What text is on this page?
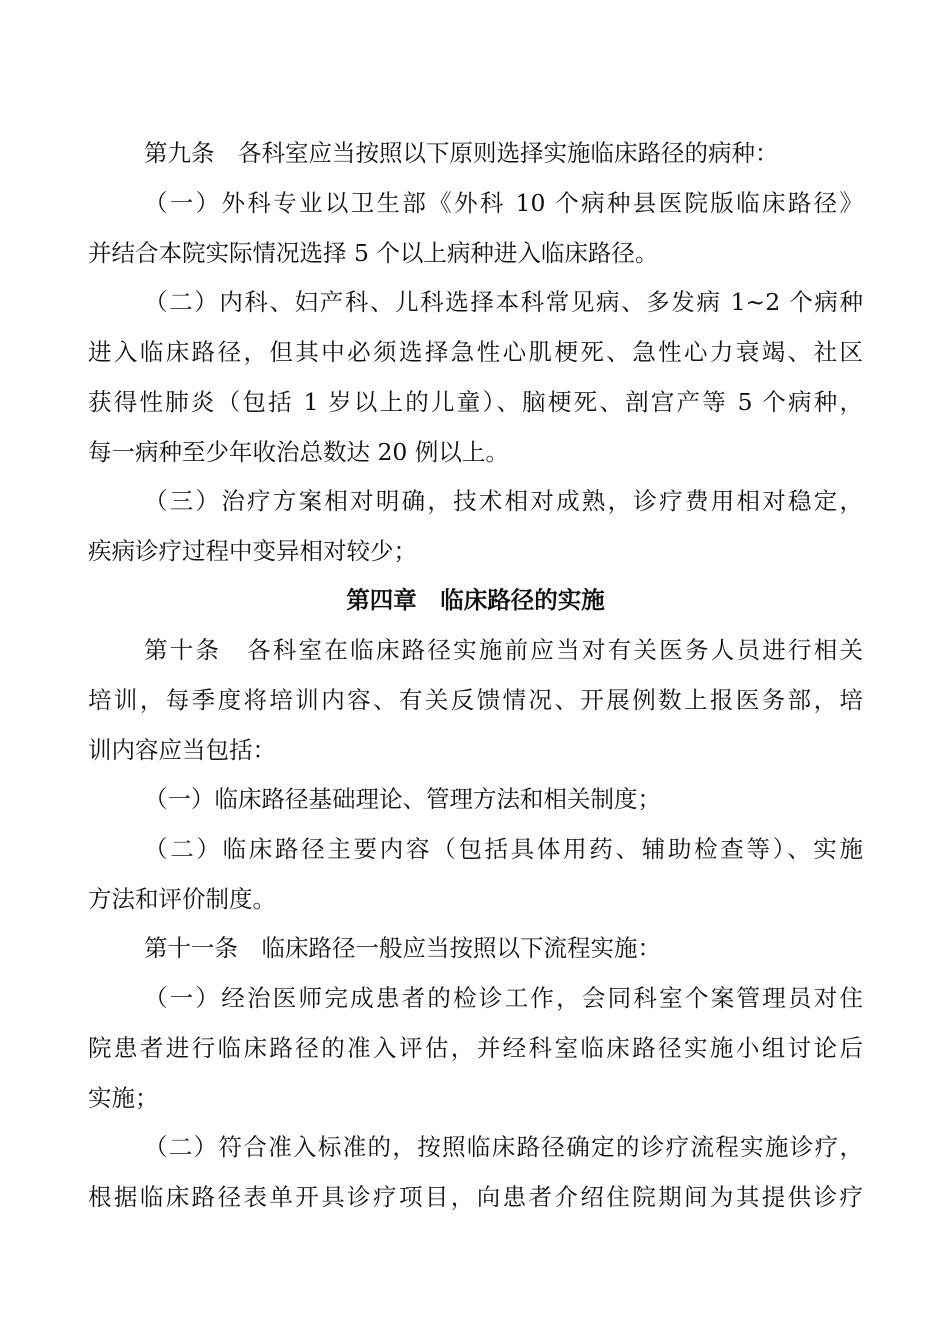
第九条　各科室应当按照以下原则选择实施临床路径的病种：
（一）外科专业以卫生部《外科 10 个病种县医院版临床路径》
并结合本院实际情况选择 5 个以上病种进入临床路径。
（二）内科、妇产科、儿科选择本科常见病、多发病 1~2 个病种
进入临床路径，但其中必须选择急性心肌梗死、急性心力衰竭、社区
获得性肺炎（包括 1 岁以上的儿童）、脑梗死、剖宫产等 5 个病种，
每一病种至少年收治总数达 20 例以上。
（三）治疗方案相对明确，技术相对成熟，诊疗费用相对稳定，
疾病诊疗过程中变异相对较少；
第四章　临床路径的实施
第十条　各科室在临床路径实施前应当对有关医务人员进行相关
培训，每季度将培训内容、有关反馈情况、开展例数上报医务部，培
训内容应当包括：
（一）临床路径基础理论、管理方法和相关制度；
（二）临床路径主要内容（包括具体用药、辅助检查等）、实施
方法和评价制度。
第十一条　临床路径一般应当按照以下流程实施：
（一）经治医师完成患者的检诊工作，会同科室个案管理员对住
院患者进行临床路径的准入评估，并经科室临床路径实施小组讨论后
实施；
（二）符合准入标准的，按照临床路径确定的诊疗流程实施诊疗，
根据临床路径表单开具诊疗项目，向患者介绍住院期间为其提供诊疗
